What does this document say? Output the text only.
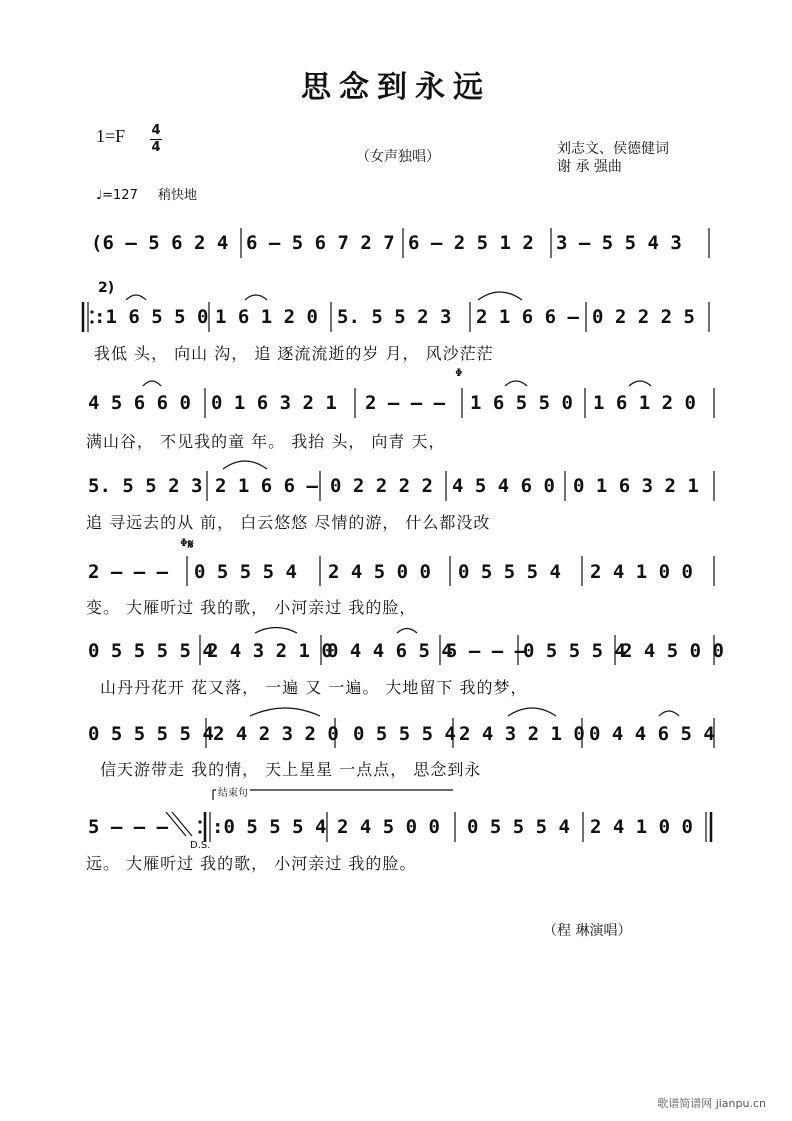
思念到永远
1=F 4
4
（女声独唱）	刘志文、侯德健词
谢 承 强曲
♩=127 稍快地
2)
ᶲ
ᶲ𝄋
结束句
D.S.
(6 – 5 6 2 4 6 – 5 6 7 2 7 6 – 2 5 1 2 3 – 5 5 4 3
:1 6 5 5 0 1 6 1 2 0 5. 5 5 2 3 2 1 6 6 – 0 2 2 2 5
我低 头， 向山 沟， 追 逐流流逝的岁 月， 风沙茫茫
4 5 6 6 0 0 1 6 3 2 1 2 – – – 1 6 5 5 0 1 6 1 2 0
满山谷， 不见我的童 年。 我抬 头， 向青 天，
5. 5 5 2 3 2 1 6 6 – 0 2 2 2 2 4 5 4 6 0 0 1 6 3 2 1
追 寻远去的从 前， 白云悠悠 尽情的游， 什么都没改
2 – – – 0 5 5 5 4 2 4 5 0 0 0 5 5 5 4 2 4 1 0 0
变。 大雁听过 我的歌， 小河亲过 我的脸，
0 5 5 5 5 4
2 4 3 2 1 0
0 4 4 6 5 4
5 – – –
0 5 5 5 4
2 4 5 0 0
山丹丹花开 花又落， 一遍 又 一遍。 大地留下 我的梦，
0 5 5 5 5 4 2 4 2 3 2 0 0 5 5 5 4 2 4 3 2 1 0 0 4 4 6 5 4
信天游带走 我的情， 天上星星 一点点， 思念到永
5 – – – :0 5 5 5 4 2 4 5 0 0 0 5 5 5 4 2 4 1 0 0
远。 大雁听过 我的歌， 小河亲过 我的脸。
（程 琳演唱）
歌谱简谱网 jianpu.cn
